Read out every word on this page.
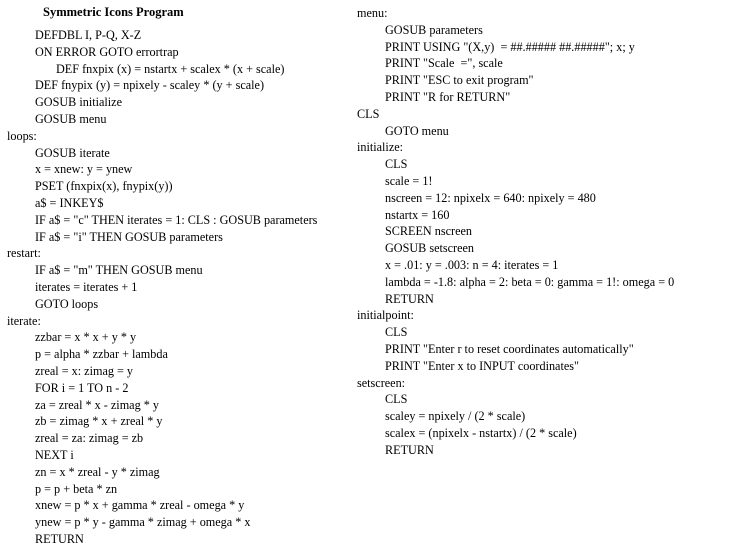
Symmetric Icons Program
DEFDBL I, P-Q, X-Z
ON ERROR GOTO errortrap
DEF fnxpix (x) = nstartx + scalex * (x + scale)
DEF fnypix (y) = npixely - scaley * (y + scale)
GOSUB initialize
GOSUB menu
loops:
GOSUB iterate
x = xnew: y = ynew
PSET (fnxpix(x), fnypix(y))
a$ = INKEY$
IF a$ = "c" THEN iterates = 1: CLS : GOSUB parameters
IF a$ = "i" THEN GOSUB parameters
restart:
IF a$ = "m" THEN GOSUB menu
iterates = iterates + 1
GOTO loops
iterate:
zzbar = x * x + y * y
p = alpha * zzbar + lambda
zreal = x: zimag = y
FOR i = 1 TO n - 2
za = zreal * x - zimag * y
zb = zimag * x + zreal * y
zreal = za: zimag = zb
NEXT i
zn = x * zreal - y * zimag
p = p + beta * zn
xnew = p * x + gamma * zreal - omega * y
ynew = p * y - gamma * zimag + omega * x
RETURN
menu:
GOSUB parameters
PRINT USING "(X,y)  = ##.##### ##.#####"; x; y
PRINT "Scale  =", scale
PRINT "ESC to exit program"
PRINT "R for RETURN"
CLS
GOTO menu
initialize:
CLS
scale = 1!
nscreen = 12: npixelx = 640: npixely = 480
nstartx = 160
SCREEN nscreen
GOSUB setscreen
x = .01: y = .003: n = 4: iterates = 1
lambda = -1.8: alpha = 2: beta = 0: gamma = 1!: omega = 0
RETURN
initialpoint:
CLS
PRINT "Enter r to reset coordinates automatically"
PRINT "Enter x to INPUT coordinates"
setscreen:
CLS
scaley = npixely / (2 * scale)
scalex = (npixelx - nstartx) / (2 * scale)
RETURN
